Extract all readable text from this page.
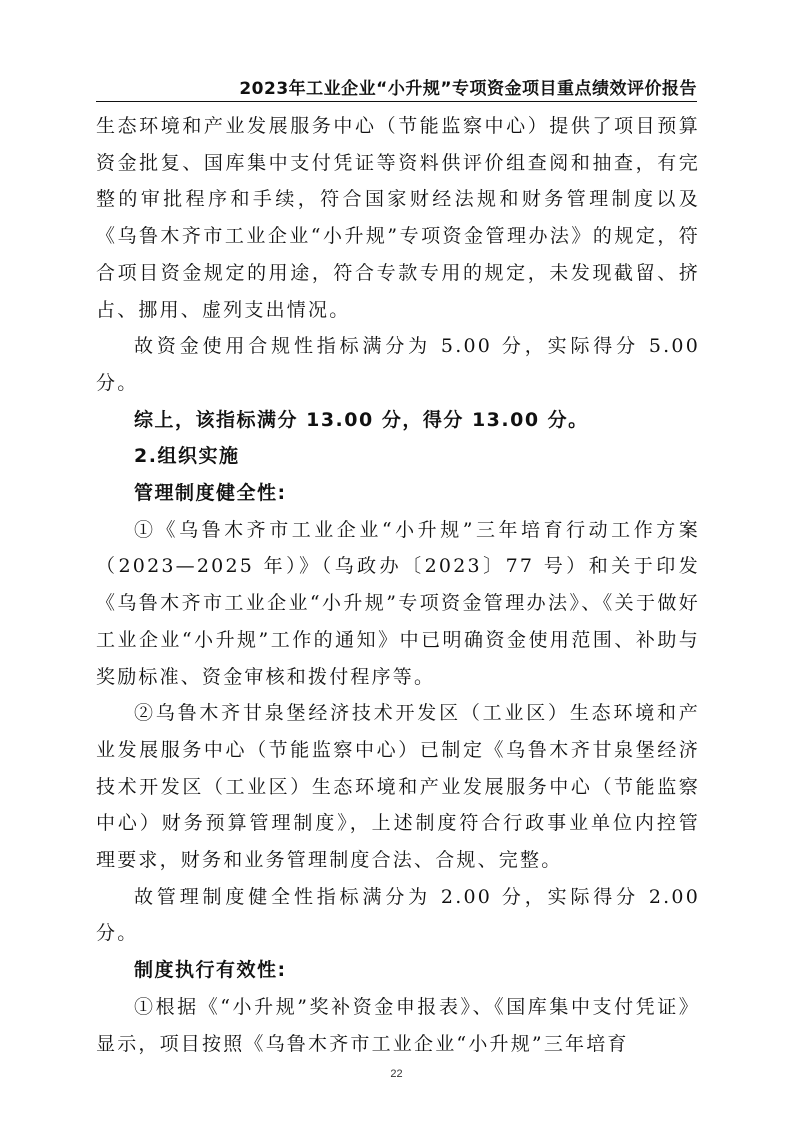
2023年工业企业“小升规”专项资金项目重点绩效评价报告

生态环境和产业发展服务中心（节能监察中心）提供了项目预算资金批复、国库集中支付凭证等资料供评价组查阅和抽查，有完整的审批程序和手续，符合国家财经法规和财务管理制度以及《乌鲁木齐市工业企业“小升规”专项资金管理办法》的规定，符合项目资金规定的用途，符合专款专用的规定，未发现截留、挤占、挪用、虚列支出情况。

故资金使用合规性指标满分为 5.00 分，实际得分 5.00 分。

综上，该指标满分 13.00 分，得分 13.00 分。

2.组织实施

管理制度健全性:

①《乌鲁木齐市工业企业“小升规”三年培育行动工作方案（2023—2025 年）》（乌政办〔2023〕77 号）和关于印发《乌鲁木齐市工业企业“小升规”专项资金管理办法》、《关于做好工业企业“小升规”工作的通知》中已明确资金使用范围、补助与奖励标准、资金审核和拨付程序等。

②乌鲁木齐甘泉堡经济技术开发区（工业区）生态环境和产业发展服务中心（节能监察中心）已制定《乌鲁木齐甘泉堡经济技术开发区（工业区）生态环境和产业发展服务中心（节能监察中心）财务预算管理制度》，上述制度符合行政事业单位内控管理要求，财务和业务管理制度合法、合规、完整。

故管理制度健全性指标满分为 2.00 分，实际得分 2.00 分。

制度执行有效性:

①根据《“小升规”奖补资金申报表》、《国库集中支付凭证》显示，项目按照《乌鲁木齐市工业企业“小升规”三年培育

22
